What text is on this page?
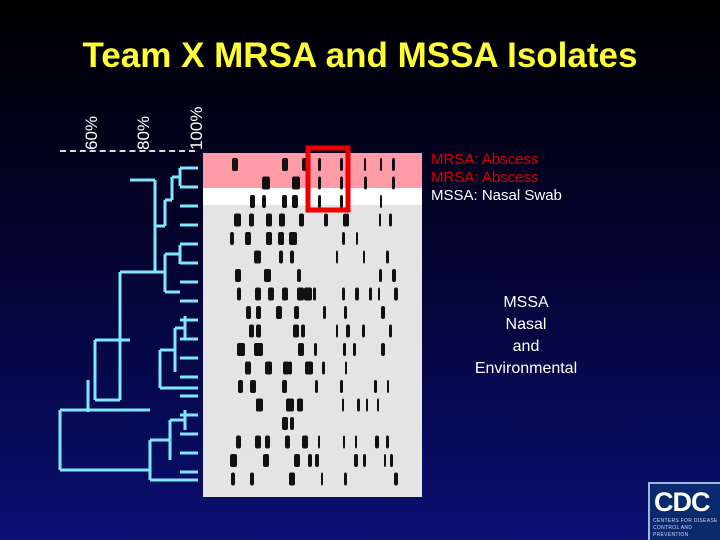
Team X MRSA and MSSA Isolates
60% 80% 100%
MRSA: Abscess
MRSA: Abscess
MSSA: Nasal Swab
MSSA
Nasal
and
Environmental
CDC
CENTERS FOR DISEASE
CONTROL AND PREVENTION
